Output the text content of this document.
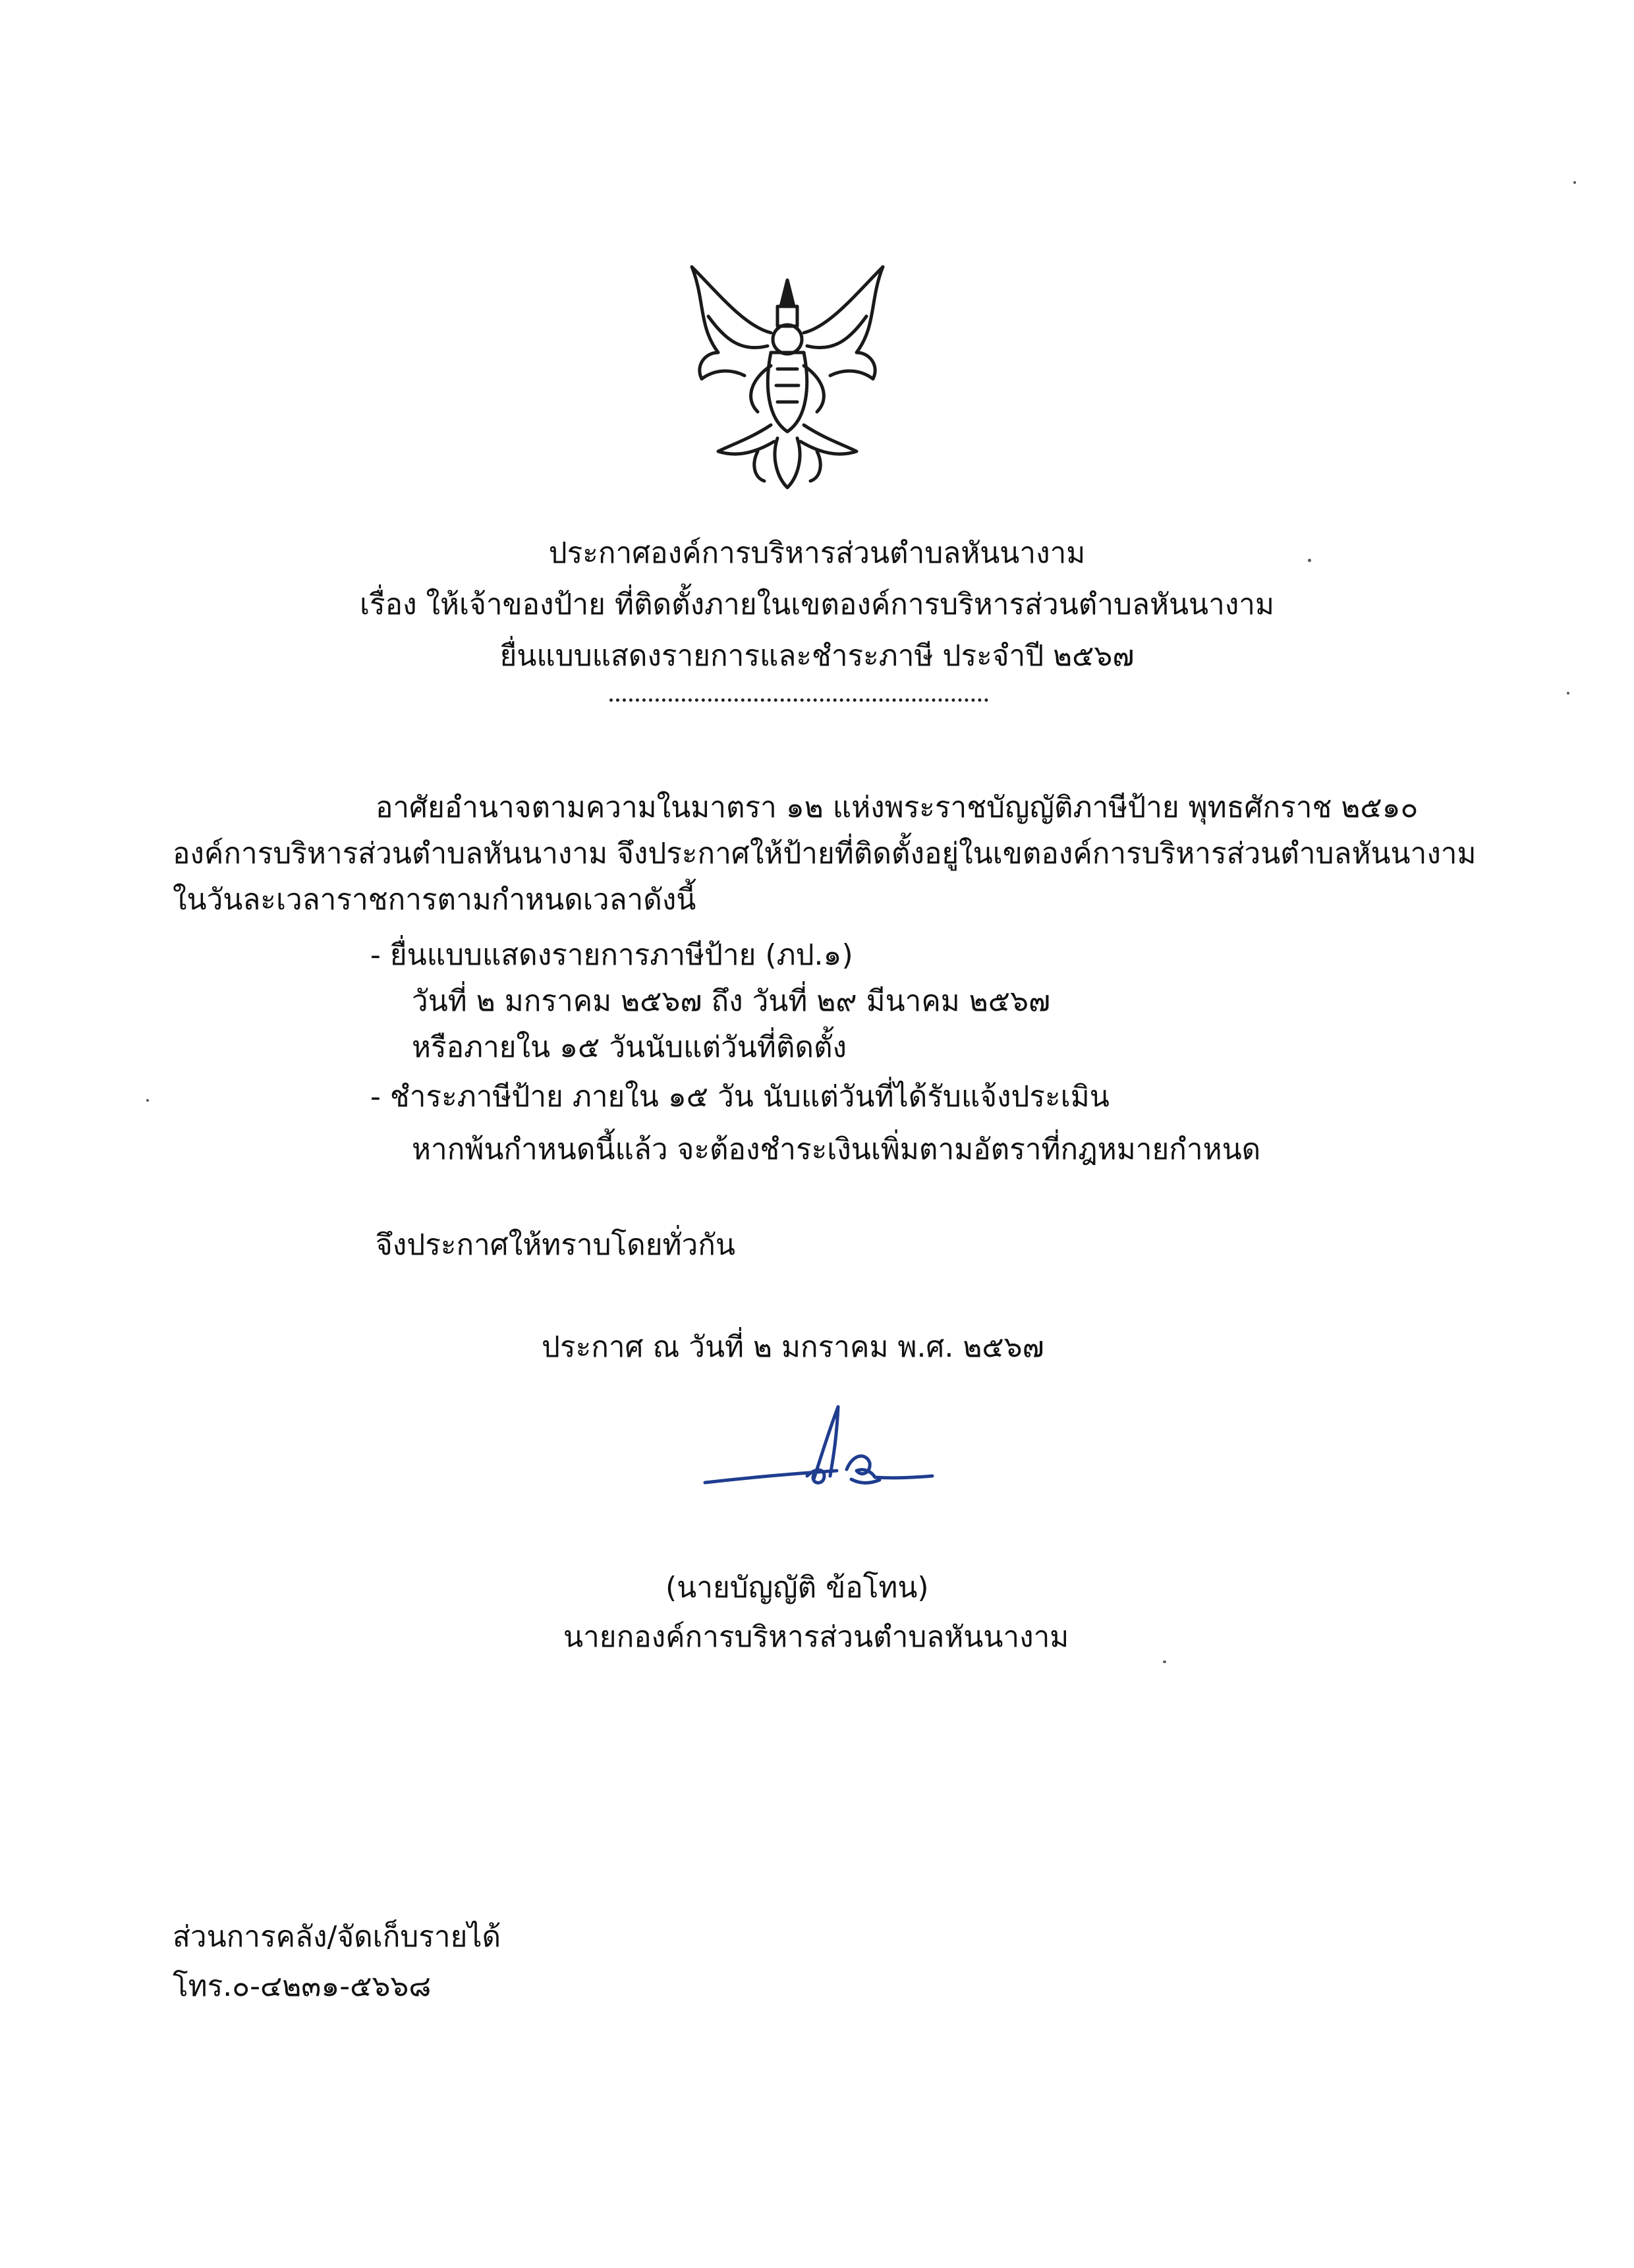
ประกาศองค์การบริหารส่วนตำบลหันนางาม
เรื่อง ให้เจ้าของป้าย ที่ติดตั้งภายในเขตองค์การบริหารส่วนตำบลหันนางาม
ยื่นแบบแสดงรายการและชำระภาษี ประจำปี ๒๕๖๗
อาศัยอำนาจตามความในมาตรา ๑๒ แห่งพระราชบัญญัติภาษีป้าย พุทธศักราช ๒๕๑๐
องค์การบริหารส่วนตำบลหันนางาม จึงประกาศให้ป้ายที่ติดตั้งอยู่ในเขตองค์การบริหารส่วนตำบลหันนางาม
ในวันละเวลาราชการตามกำหนดเวลาดังนี้
- ยื่นแบบแสดงรายการภาษีป้าย (ภป.๑)
วันที่ ๒ มกราคม ๒๕๖๗ ถึง วันที่ ๒๙ มีนาคม ๒๕๖๗
หรือภายใน ๑๕ วันนับแต่วันที่ติดตั้ง
- ชำระภาษีป้าย ภายใน ๑๕ วัน นับแต่วันที่ได้รับแจ้งประเมิน
หากพ้นกำหนดนี้แล้ว จะต้องชำระเงินเพิ่มตามอัตราที่กฎหมายกำหนด
จึงประกาศให้ทราบโดยทั่วกัน
ประกาศ ณ วันที่ ๒ มกราคม พ.ศ. ๒๕๖๗
(นายบัญญัติ ข้อโทน)
นายกองค์การบริหารส่วนตำบลหันนางาม
ส่วนการคลัง/จัดเก็บรายได้
โทร.๐-๔๒๓๑-๕๖๖๘
